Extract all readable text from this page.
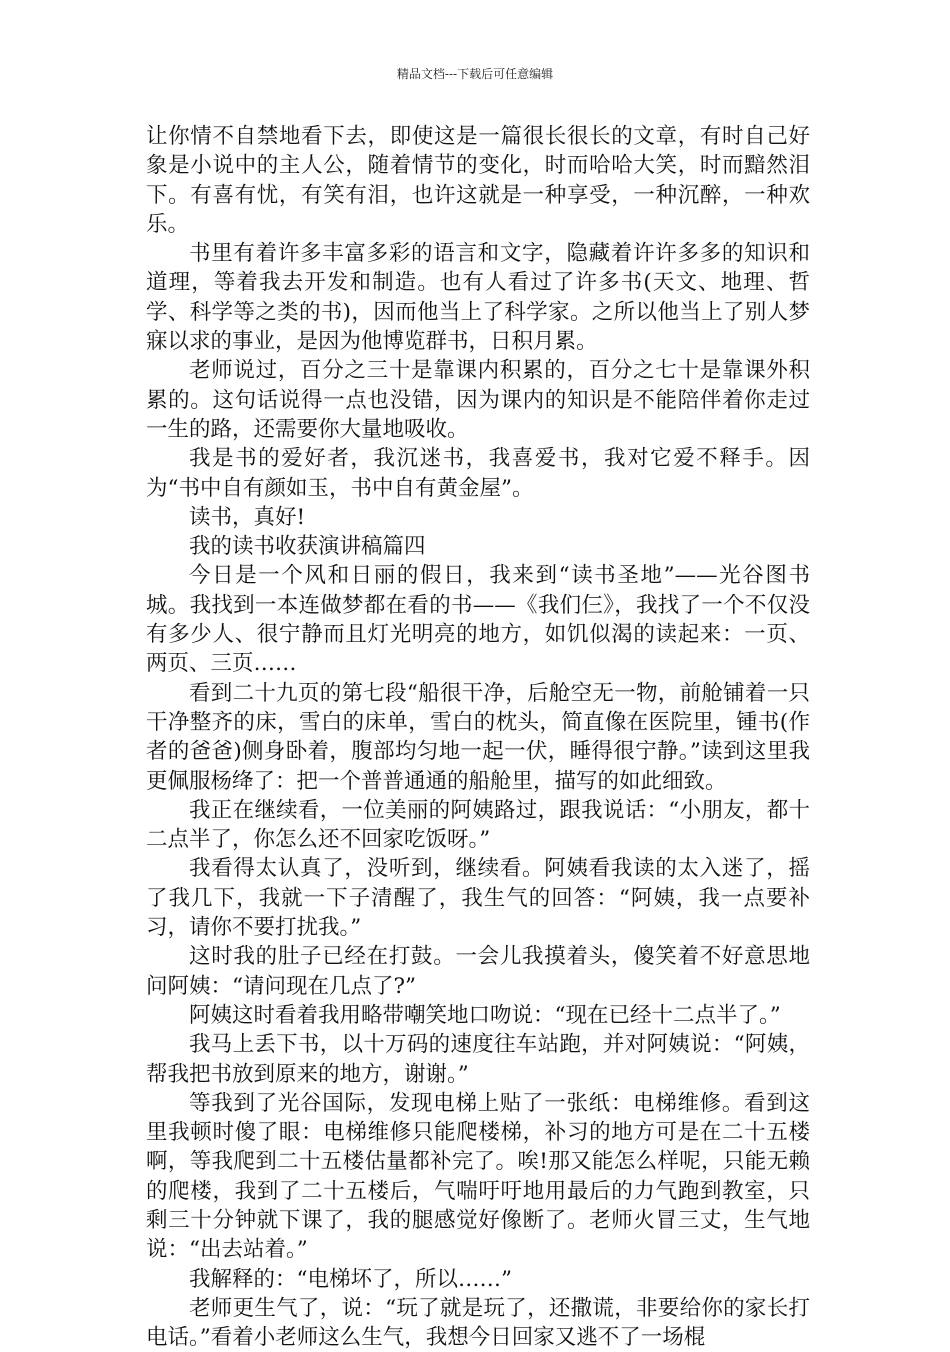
精品文档---下载后可任意编辑

让你情不自禁地看下去，即使这是一篇很长很长的文章，有时自己好象是小说中的主人公，随着情节的变化，时而哈哈大笑，时而黯然泪下。有喜有忧，有笑有泪，也许这就是一种享受，一种沉醉，一种欢乐。

书里有着许多丰富多彩的语言和文字，隐藏着许许多多的知识和道理，等着我去开发和制造。也有人看过了许多书(天文、地理、哲学、科学等之类的书)，因而他当上了科学家。之所以他当上了别人梦寐以求的事业，是因为他博览群书，日积月累。

老师说过，百分之三十是靠课内积累的，百分之七十是靠课外积累的。这句话说得一点也没错，因为课内的知识是不能陪伴着你走过一生的路，还需要你大量地吸收。

我是书的爱好者，我沉迷书，我喜爱书，我对它爱不释手。因为“书中自有颜如玉，书中自有黄金屋”。

读书，真好!

我的读书收获演讲稿篇四

今日是一个风和日丽的假日，我来到“读书圣地”——光谷图书城。我找到一本连做梦都在看的书——《我们仨》，我找了一个不仅没有多少人、很宁静而且灯光明亮的地方，如饥似渴的读起来：一页、两页、三页……

看到二十九页的第七段“船很干净，后舱空无一物，前舱铺着一只干净整齐的床，雪白的床单，雪白的枕头，简直像在医院里，锺书(作者的爸爸)侧身卧着，腹部均匀地一起一伏，睡得很宁静。”读到这里我更佩服杨绛了：把一个普普通通的船舱里，描写的如此细致。

我正在继续看，一位美丽的阿姨路过，跟我说话：“小朋友，都十二点半了，你怎么还不回家吃饭呀。”

我看得太认真了，没听到，继续看。阿姨看我读的太入迷了，摇了我几下，我就一下子清醒了，我生气的回答：“阿姨，我一点要补习，请你不要打扰我。”

这时我的肚子已经在打鼓。一会儿我摸着头，傻笑着不好意思地问阿姨：“请问现在几点了?”

阿姨这时看着我用略带嘲笑地口吻说：“现在已经十二点半了。”

我马上丢下书，以十万码的速度往车站跑，并对阿姨说：“阿姨，帮我把书放到原来的地方，谢谢。”

等我到了光谷国际，发现电梯上贴了一张纸：电梯维修。看到这里我顿时傻了眼：电梯维修只能爬楼梯，补习的地方可是在二十五楼啊，等我爬到二十五楼估量都补完了。唉!那又能怎么样呢，只能无赖的爬楼，我到了二十五楼后，气喘吁吁地用最后的力气跑到教室，只剩三十分钟就下课了，我的腿感觉好像断了。老师火冒三丈，生气地说：“出去站着。”

我解释的：“电梯坏了，所以……”

老师更生气了，说：“玩了就是玩了，还撒谎，非要给你的家长打电话。”看着小老师这么生气，我想今日回家又逃不了一场棍
